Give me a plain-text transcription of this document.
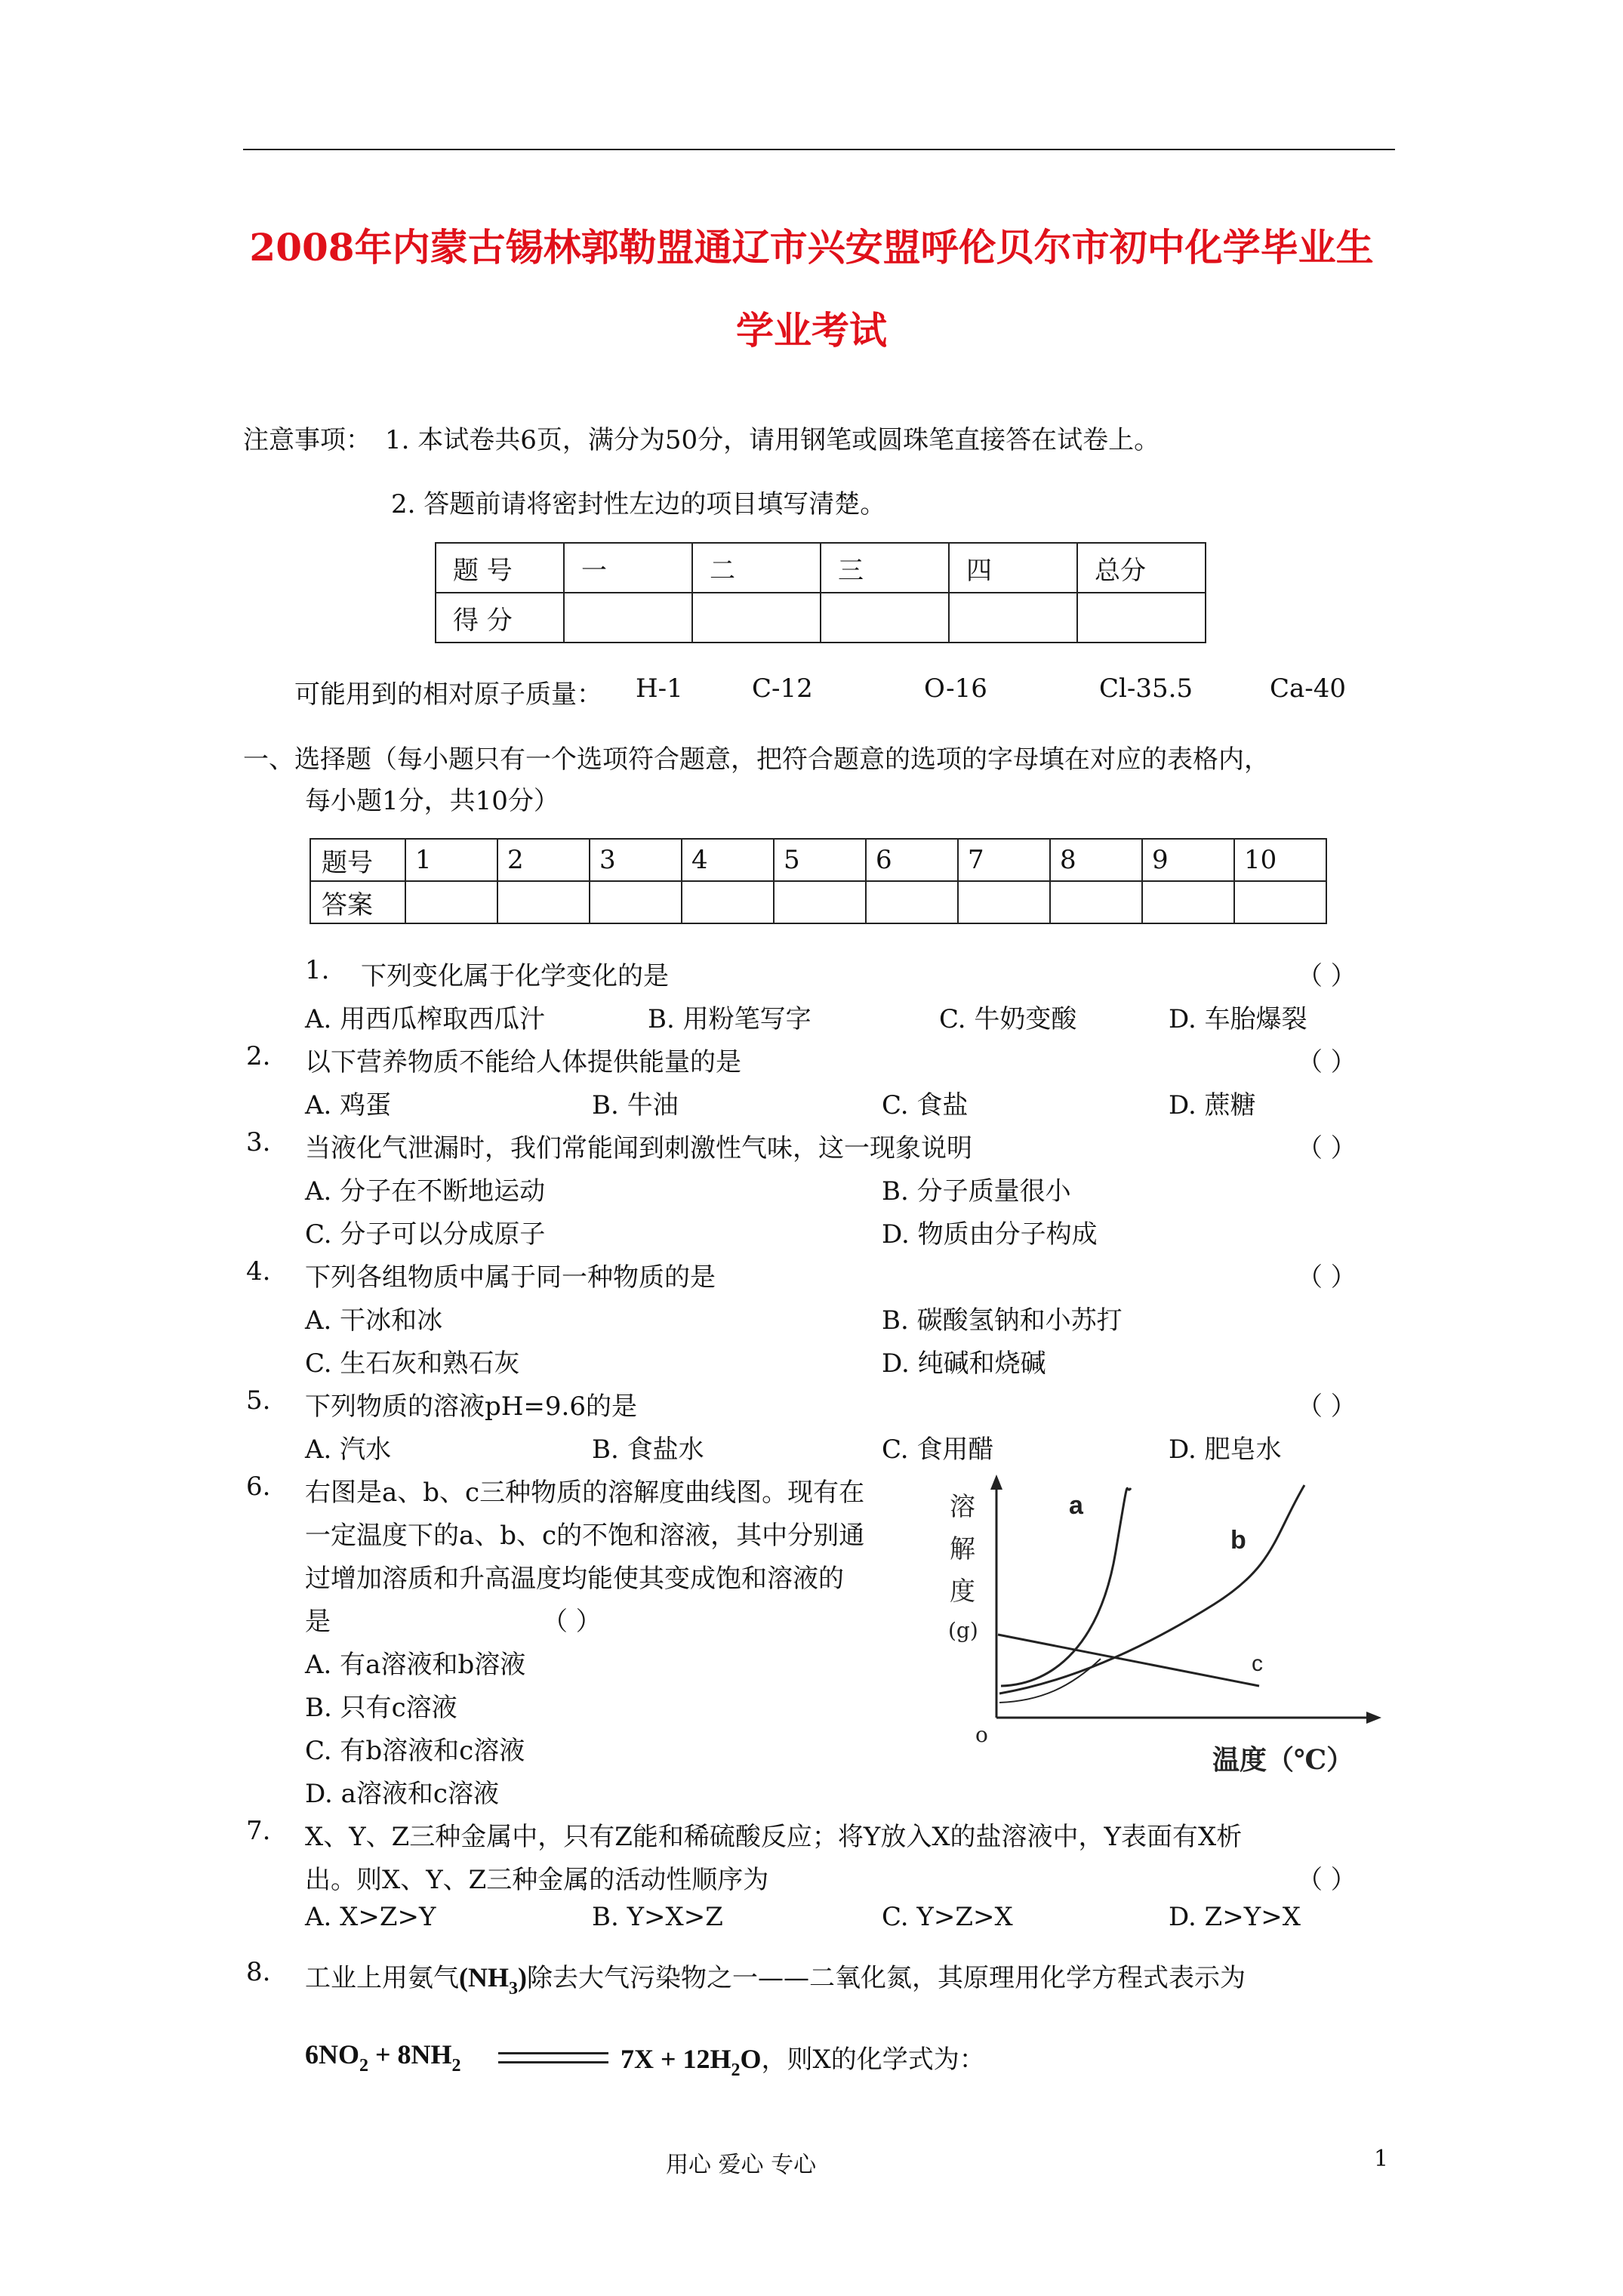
2008年内蒙古锡林郭勒盟通辽市兴安盟呼伦贝尔市初中化学毕业生
学业考试
注意事项： 1. 本试卷共6页，满分为50分，请用钢笔或圆珠笔直接答在试卷上。
2. 答题前请将密封性左边的项目填写清楚。
题 号	一	二	三	四	总分
得 分					
可能用到的相对原子质量： H-1	C-12	O-16	Cl-35.5	Ca-40
一、选择题（每小题只有一个选项符合题意，把符合题意的选项的字母填在对应的表格内，
每小题1分，共10分）
题号	1	2	3	4	5	6	7	8	9	10
答案										
1. 下列变化属于化学变化的是	（ ）
A. 用西瓜榨取西瓜汁	B. 用粉笔写字	C. 牛奶变酸	D. 车胎爆裂
2. 以下营养物质不能给人体提供能量的是	（ ）
A. 鸡蛋	B. 牛油	C. 食盐	D. 蔗糖
3. 当液化气泄漏时，我们常能闻到刺激性气味，这一现象说明	（ ）
A. 分子在不断地运动	B. 分子质量很小
C. 分子可以分成原子	D. 物质由分子构成
4. 下列各组物质中属于同一种物质的是	（ ）
A. 干冰和冰	B. 碳酸氢钠和小苏打
C. 生石灰和熟石灰	D. 纯碱和烧碱
5. 下列物质的溶液pH=9.6的是	（ ）
A. 汽水	B. 食盐水	C. 食用醋	D. 肥皂水
6. 右图是a、b、c三种物质的溶解度曲线图。现有在
一定温度下的a、b、c的不饱和溶液，其中分别通
过增加溶质和升高温度均能使其变成饱和溶液的
是	（ ）
A. 有a溶液和b溶液
B. 只有c溶液
C. 有b溶液和c溶液
D. a溶液和c溶液
a
b
c
溶
解
度
(g)
o
温度（℃）
7. X、Y、Z三种金属中，只有Z能和稀硫酸反应；将Y放入X的盐溶液中，Y表面有X析
出。则X、Y、Z三种金属的活动性顺序为	（ ）
A. X>Z>Y	B. Y>X>Z	C. Y>Z>X	D. Z>Y>X
8. 工业上用氨气$(NH_3)$除去大气污染物之一——二氧化氮，其原理用化学方程式表示为
$6NO_2 + 8NH_2$	$7X + 12H_2O$，则X的化学式为：
用心 爱心 专心	1
